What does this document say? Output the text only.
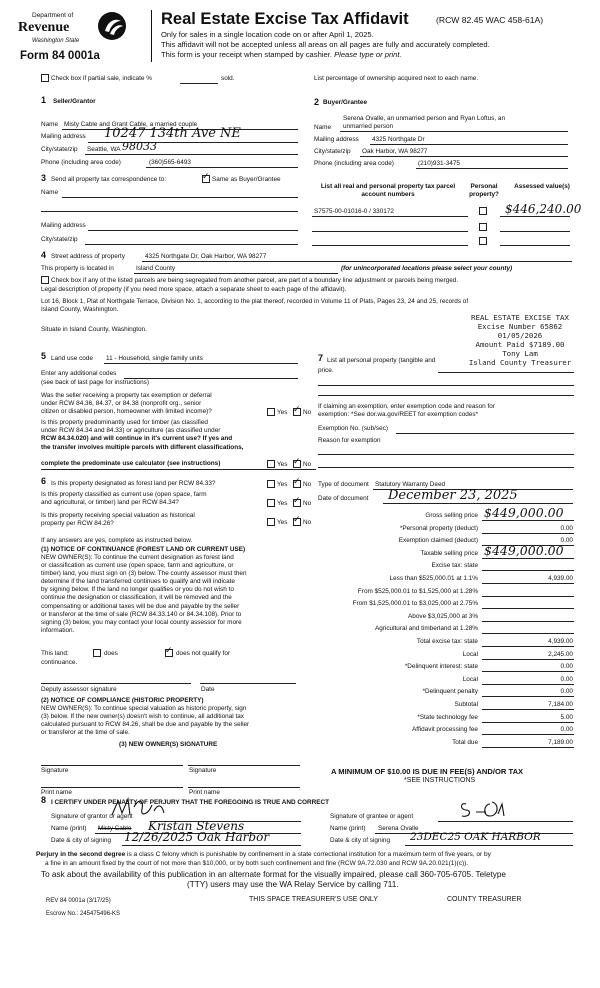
Department of
Revenue
Washington State
Form 84 0001a
Real Estate Excise Tax Affidavit	(RCW 82.45 WAC 458-61A)
Only for sales in a single location code on or after April 1, 2025.
This affidavit will not be accepted unless all areas on all pages are fully and accurately completed.
This form is your receipt when stamped by cashier. Please type or print.
Check box if partial sale, indicate %	sold.	List percentage of ownership acquired next to each name.
1 Seller/Grantor
Name Misty Cable and Grant Cable, a married couple
Mailing address 10247 134th Ave NE
City/state/zip Seattle, WA 98033
Phone (including area code)	(360)565-6493
2 Buyer/Grantee
Serena Ovalle, an unmarried person and Ryan Loftus, an
Name unmarried person
Mailing address 4325 Northgate Dr
City/state/zip Oak Harbor, WA 98277
Phone (including area code)	(210)931-3475
3 Send all property tax correspondence to:	✓ Same as Buyer/Grantee
Name
Mailing address
City/state/zip
List all real and personal property tax parcel account numbers
Personal property?
Assessed value(s)
S7575-00-01016-0 / 330172	$446,240.00
4 Street address of property	4325 Northgate Dr, Oak Harbor, WA 98277
This property is located in	Island County	(for unincorporated locations please select your county)
Check box if any of the listed parcels are being segregated from another parcel, are part of a boundary line adjustment or parcels being merged.
Legal description of property (if you need more space, attach a separate sheet to each page of the affidavit).
Lot 16, Block 1, Plat of Northgate Terrace, Division No. 1, according to the plat thereof, recorded in Volume 11 of Plats, Pages 23, 24 and 25, records of
Island County, Washington.
Situate in Island County, Washington.
REAL ESTATE EXCISE TAX
Excise Number 65862
01/05/2026
Amount Paid $7189.00
Tony Lam
Island County Treasurer
5 Land use code 11 - Household, single family units
Enter any additional codes
(see back of last page for instructions)
Was the seller receiving a property tax exemption or deferral
under RCW 84.36, 84.37, or 84.38 (nonprofit org., senior
citizen or disabled person, homeowner with limited income)?	Yes ✓ No
Is this property predominantly used for timber (as classified
under RCW 84.34 and 84.33) or agriculture (as classified under
RCW 84.34.020) and will continue in it's current use? If yes and
the transfer involves multiple parcels with different classifications,
complete the predominate use calculator (see instructions)	Yes ✓ No
7 List all personal property (tangible and
price.
If claiming an exemption, enter exemption code and reason for
exemption: *See dor.wa.gov/REET for exemption codes*
Exemption No. (sub/sec)
Reason for exemption
6 Is this property designated as forest land per RCW 84.33?	Yes ✓ No
Is this property classified as current use (open space, farm
and agricultural, or timber) land per RCW 84.34?	Yes ✓ No
Is this property receiving special valuation as historical
property per RCW 84.26?	Yes ✓ No
If any answers are yes, complete as instructed below.
(1) NOTICE OF CONTINUANCE (FOREST LAND OR CURRENT USE)
NEW OWNER(S): To continue the current designation as forest land
or classification as current use (open space, farm and agriculture, or
timber) land, you must sign on (3) below. The county assessor must then
determine if the land transferred continues to qualify and will indicate
by signing below. If the land no longer qualifies or you do not wish to
continue the designation or classification, it will be removed and the
compensating or additional taxes will be due and payable by the seller
or transferor at the time of sale (RCW 84.33.140 or 84.34.108). Prior to
signing (3) below, you may contact your local county assessor for more
information.
This land:	does	✓ does not qualify for
continuance.
Deputy assessor signature	Date
(2) NOTICE OF COMPLIANCE (HISTORIC PROPERTY)
NEW OWNER(S): To continue special valuation as historic property, sign
(3) below. If the new owner(s) doesn't wish to continue, all additional tax
calculated pursuant to RCW 84.26, shall be due and payable by the seller
or transferor at the time of sale.
(3) NEW OWNER(S) SIGNATURE
Signature	Signature
Print name	Print name
Type of document Statutory Warranty Deed
Date of document December 23, 2025
Gross selling price $449,000.00
*Personal property (deduct)	0.00
Exemption claimed (deduct)	0.00
Taxable selling price $449,000.00
Excise tax: state
Less than $525,000.01 at 1.1%	4,939.00
From $525,000.01 to $1,525,000 at 1.28%
From $1,525,000.01 to $3,025,000 at 2.75%
Above $3,025,000 at 3%
Agricultural and timberland at 1.28%
Total excise tax: state	4,939.00
Local	2,245.00
*Delinquent interest: state	0.00
Local	0.00
*Delinquent penalty	0.00
Subtotal	7,184.00
*State technology fee	5.00
Affidavit processing fee	0.00
Total due	7,189.00
A MINIMUM OF $10.00 IS DUE IN FEE(S) AND/OR TAX
*SEE INSTRUCTIONS
8 I CERTIFY UNDER PENALTY OF PERJURY THAT THE FOREGOING IS TRUE AND CORRECT
Signature of grantor or agent
Name (print) Misty Cable Kristan Stevens
Date & city of signing 12/26/2025 Oak Harbor
Signature of grantee or agent
Name (print) Serena Ovalle
Date & city of signing 23DEC25 OAK HARBOR
Perjury in the second degree is a class C felony which is punishable by confinement in a state correctional institution for a maximum term of five years, or by
a fine in an amount fixed by the court of not more than $10,000, or by both such confinement and fine (RCW 9A.72.030 and RCW 9A.20.021(1)(c)).
To ask about the availability of this publication in an alternate format for the visually impaired, please call 360-705-6705. Teletype
(TTY) users may use the WA Relay Service by calling 711.
REV 84 0001a (3/17/25)	THIS SPACE TREASURER'S USE ONLY	COUNTY TREASURER
Escrow No.: 245475496-KS
